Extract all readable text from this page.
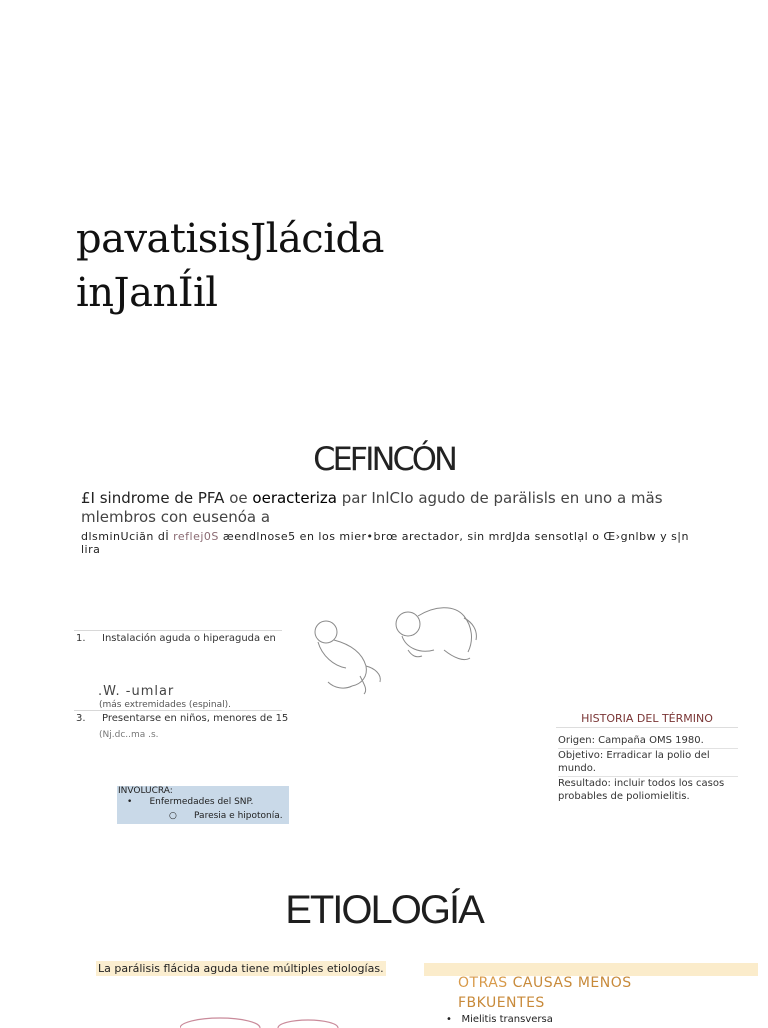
pavatisisJlácida
inJanÍil
CEFINCÓN
£I sindrome de PFA oe oeracteriza par InlCIo agudo de parälisls en uno a mäs mlembros con eusenóa a
dlsminUciăn dİ reflej0S æendlnose5 en los mier•brœ arectador, sin mrdJda sensotlạl o Œ›gnlbw y s|n lira
1. Instalación aguda o hiperaguda en
3. Presentarse en niños, menores de 15
.W. -umlar
(más extremidades (espinal).
(Nj.dc..ma .s.
HISTORIA DEL TÉRMINO
Origen: Campaña OMS 1980.
Objetivo: Erradicar la polio del mundo.
Resultado: incluir todos los casos probables de poliomielitis.
INVOLUCRA:
•      Enfermedades del SNP.
○      Paresia e hipotonía.
ETIOLOGÍA
La parálisis flácida aguda tiene múltiples etiologías.
OTRAS CAUSAS MENOS FBKUENTES
•   Mielitis transversa
